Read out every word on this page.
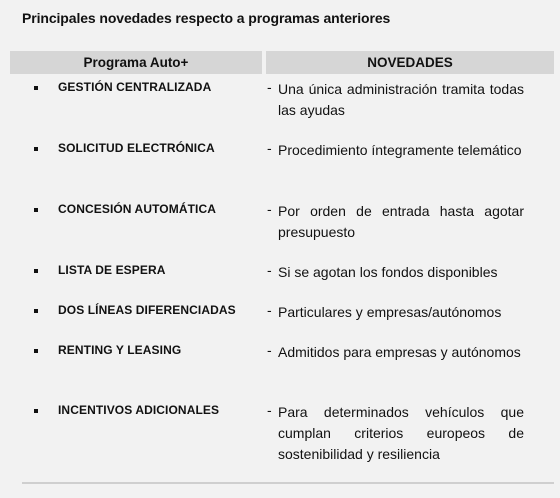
Principales novedades respecto a programas anteriores
Programa Auto+	NOVEDADES
GESTIÓN CENTRALIZADA	- Una única administración tramita todas las ayudas
SOLICITUD ELECTRÓNICA	- Procedimiento íntegramente telemático
CONCESIÓN AUTOMÁTICA	- Por orden de entrada hasta agotar presupuesto
LISTA DE ESPERA	- Si se agotan los fondos disponibles
DOS LÍNEAS DIFERENCIADAS - Particulares y empresas/autónomos
RENTING Y LEASING	- Admitidos para empresas y autónomos
INCENTIVOS ADICIONALES	- Para determinados vehículos que cumplan criterios europeos de sostenibilidad y resiliencia
